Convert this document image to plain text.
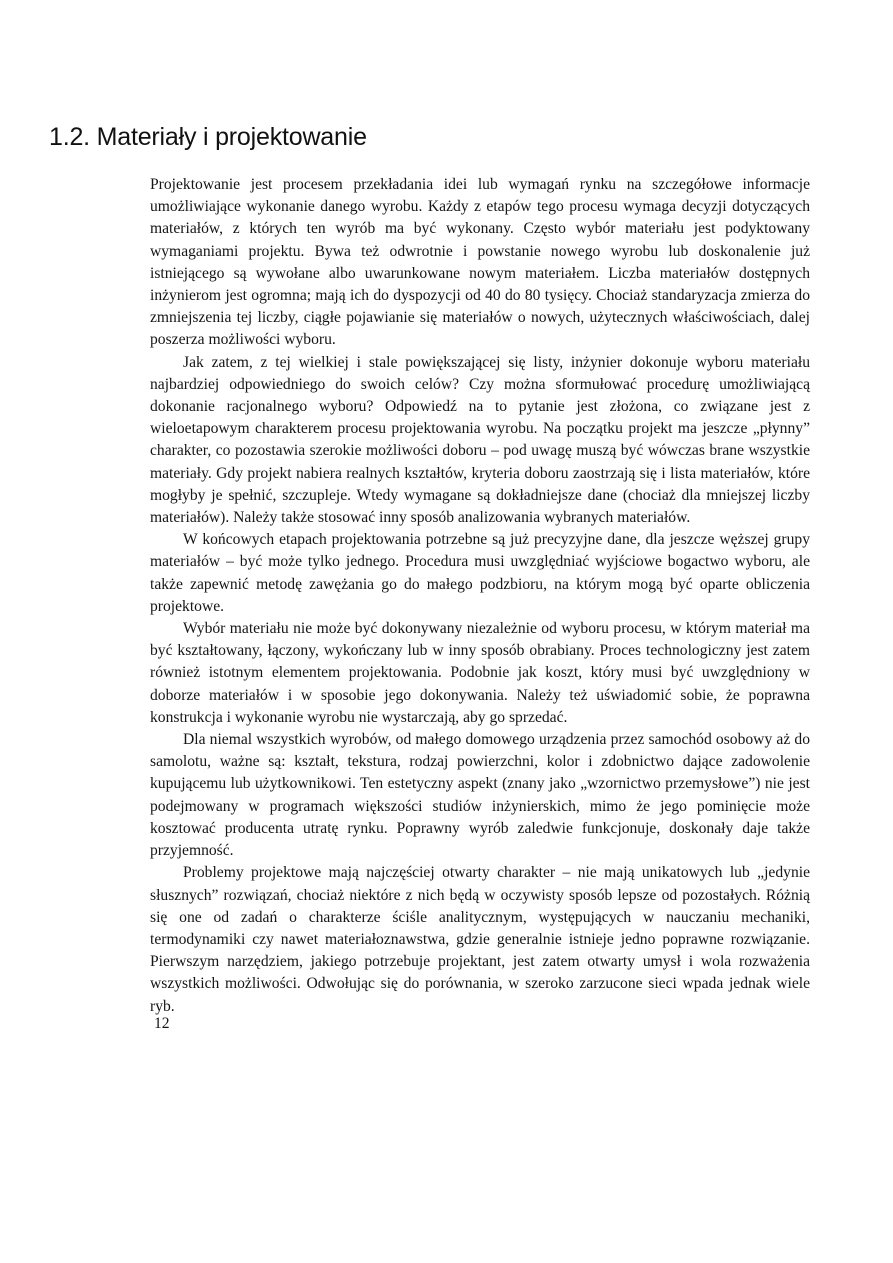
1.2. Materiały i projektowanie

Projektowanie jest procesem przekładania idei lub wymagań rynku na szczegółowe informacje umożliwiające wykonanie danego wyrobu. Każdy z etapów tego procesu wymaga decyzji dotyczących materiałów, z których ten wyrób ma być wykonany. Często wybór materiału jest podyktowany wymaganiami projektu. Bywa też odwrotnie i powstanie nowego wyrobu lub doskonalenie już istniejącego są wywołane albo uwarunkowane nowym materiałem. Liczba materiałów dostępnych inżynierom jest ogromna; mają ich do dyspozycji od 40 do 80 tysięcy. Chociaż standaryzacja zmierza do zmniejszenia tej liczby, ciągłe pojawianie się materiałów o nowych, użytecznych właściwościach, dalej poszerza możliwości wyboru.

Jak zatem, z tej wielkiej i stale powiększającej się listy, inżynier dokonuje wyboru materiału najbardziej odpowiedniego do swoich celów? Czy można sformułować procedurę umożliwiającą dokonanie racjonalnego wyboru? Odpowiedź na to pytanie jest złożona, co związane jest z wieloetapowym charakterem procesu projektowania wyrobu. Na początku projekt ma jeszcze „płynny” charakter, co pozostawia szerokie możliwości doboru – pod uwagę muszą być wówczas brane wszystkie materiały. Gdy projekt nabiera realnych kształtów, kryteria doboru zaostrzają się i lista materiałów, które mogłyby je spełnić, szczupleje. Wtedy wymagane są dokładniejsze dane (chociaż dla mniejszej liczby materiałów). Należy także stosować inny sposób analizowania wybranych materiałów.

W końcowych etapach projektowania potrzebne są już precyzyjne dane, dla jeszcze węższej grupy materiałów – być może tylko jednego. Procedura musi uwzględniać wyjściowe bogactwo wyboru, ale także zapewnić metodę zawężania go do małego podzbioru, na którym mogą być oparte obliczenia projektowe.

Wybór materiału nie może być dokonywany niezależnie od wyboru procesu, w którym materiał ma być kształtowany, łączony, wykończany lub w inny sposób obrabiany. Proces technologiczny jest zatem również istotnym elementem projektowania. Podobnie jak koszt, który musi być uwzględniony w doborze materiałów i w sposobie jego dokonywania. Należy też uświadomić sobie, że poprawna konstrukcja i wykonanie wyrobu nie wystarczają, aby go sprzedać.

Dla niemal wszystkich wyrobów, od małego domowego urządzenia przez samochód osobowy aż do samolotu, ważne są: kształt, tekstura, rodzaj powierzchni, kolor i zdobnictwo dające zadowolenie kupującemu lub użytkownikowi. Ten estetyczny aspekt (znany jako „wzornictwo przemysłowe”) nie jest podejmowany w programach większości studiów inżynierskich, mimo że jego pominięcie może kosztować producenta utratę rynku. Poprawny wyrób zaledwie funkcjonuje, doskonały daje także przyjemność.

Problemy projektowe mają najczęściej otwarty charakter – nie mają unikatowych lub „jedynie słusznych” rozwiązań, chociaż niektóre z nich będą w oczywisty sposób lepsze od pozostałych. Różnią się one od zadań o charakterze ściśle analitycznym, występujących w nauczaniu mechaniki, termodynamiki czy nawet materiałoznawstwa, gdzie generalnie istnieje jedno poprawne rozwiązanie. Pierwszym narzędziem, jakiego potrzebuje projektant, jest zatem otwarty umysł i wola rozważenia wszystkich możliwości. Odwołując się do porównania, w szeroko zarzucone sieci wpada jednak wiele ryb.

12
